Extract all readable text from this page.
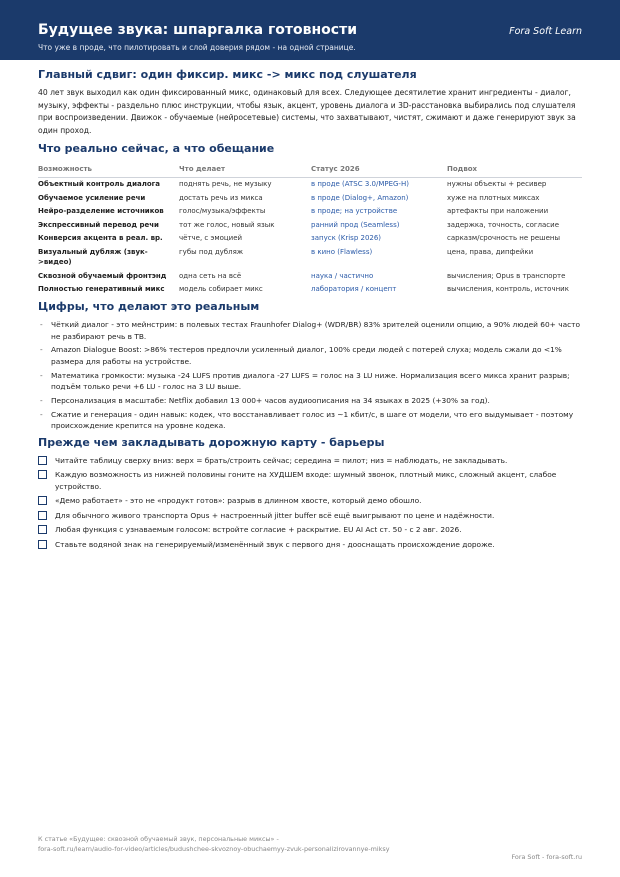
Будущее звука: шпаргалка готовности	Fora Soft Learn
Что уже в проде, что пилотировать и слой доверия рядом - на одной странице.
Главный сдвиг: один фиксир. микс -> микс под слушателя

40 лет звук выходил как один фиксированный микс, одинаковый для всех. Следующее десятилетие хранит ингредиенты - диалог, музыку, эффекты - раздельно плюс инструкции, чтобы язык, акцент, уровень диалога и 3D-расстановка выбирались под слушателя при воспроизведении. Движок - обучаемые (нейросетевые) системы, что захватывают, чистят, сжимают и даже генерируют звук за один проход.

Что реально сейчас, а что обещание
Возможность	Что делает	Статус 2026	Подвох
Объектный контроль диалога	поднять речь, не музыку	в проде (ATSC 3.0/MPEG-H)	нужны объекты + ресивер
Обучаемое усиление речи	достать речь из микса	в проде (Dialog+, Amazon)	хуже на плотных миксах
Нейро-разделение источников	голос/музыка/эффекты	в проде; на устройстве	артефакты при наложении
Экспрессивный перевод речи	тот же голос, новый язык	ранний прод (Seamless)	задержка, точность, согласие
Конверсия акцента в реал. вр.	чётче, с эмоцией	запуск (Krisp 2026)	сарказм/срочность не решены
Визуальный дубляж (звук->видео)	губы под дубляж	в кино (Flawless)	цена, права, дипфейки
Сквозной обучаемый фронтэнд	одна сеть на всё	наука / частично	вычисления; Opus в транспорте
Полностью генеративный микс	модель собирает микс	лаборатория / концепт	вычисления, контроль, источник
Цифры, что делают это реальным
- Чёткий диалог - это мейнстрим: в полевых тестах Fraunhofer Dialog+ (WDR/BR) 83% зрителей оценили опцию, а 90% людей 60+ часто не разбирают речь в ТВ.
- Amazon Dialogue Boost: >86% тестеров предпочли усиленный диалог, 100% среди людей с потерей слуха; модель сжали до <1% размера для работы на устройстве.
- Математика громкости: музыка -24 LUFS против диалога -27 LUFS = голос на 3 LU ниже. Нормализация всего микса хранит разрыв; подъём только речи +6 LU - голос на 3 LU выше.
- Персонализация в масштабе: Netflix добавил 13 000+ часов аудиоописания на 34 языках в 2025 (+30% за год).
- Сжатие и генерация - один навык: кодек, что восстанавливает голос из ~1 кбит/с, в шаге от модели, что его выдумывает - поэтому происхождение крепится на уровне кодека.
Прежде чем закладывать дорожную карту - барьеры
Читайте таблицу сверху вниз: верх = брать/строить сейчас; середина = пилот; низ = наблюдать, не закладывать.
Каждую возможность из нижней половины гоните на ХУДШЕМ входе: шумный звонок, плотный микс, сложный акцент, слабое устройство.
«Демо работает» - это не «продукт готов»: разрыв в длинном хвосте, который демо обошло.
Для обычного живого транспорта Opus + настроенный jitter buffer всё ещё выигрывают по цене и надёжности.
Любая функция с узнаваемым голосом: встройте согласие + раскрытие. EU AI Act ст. 50 - с 2 авг. 2026.
Ставьте водяной знак на генерируемый/изменённый звук с первого дня - дооснащать происхождение дороже.
К статье «Будущее: сквозной обучаемый звук, персональные миксы» -
fora-soft.ru/learn/audio-for-video/articles/budushchee-skvoznoy-obuchaemyy-zvuk-personalizirovannye-miksy
Fora Soft - fora-soft.ru
